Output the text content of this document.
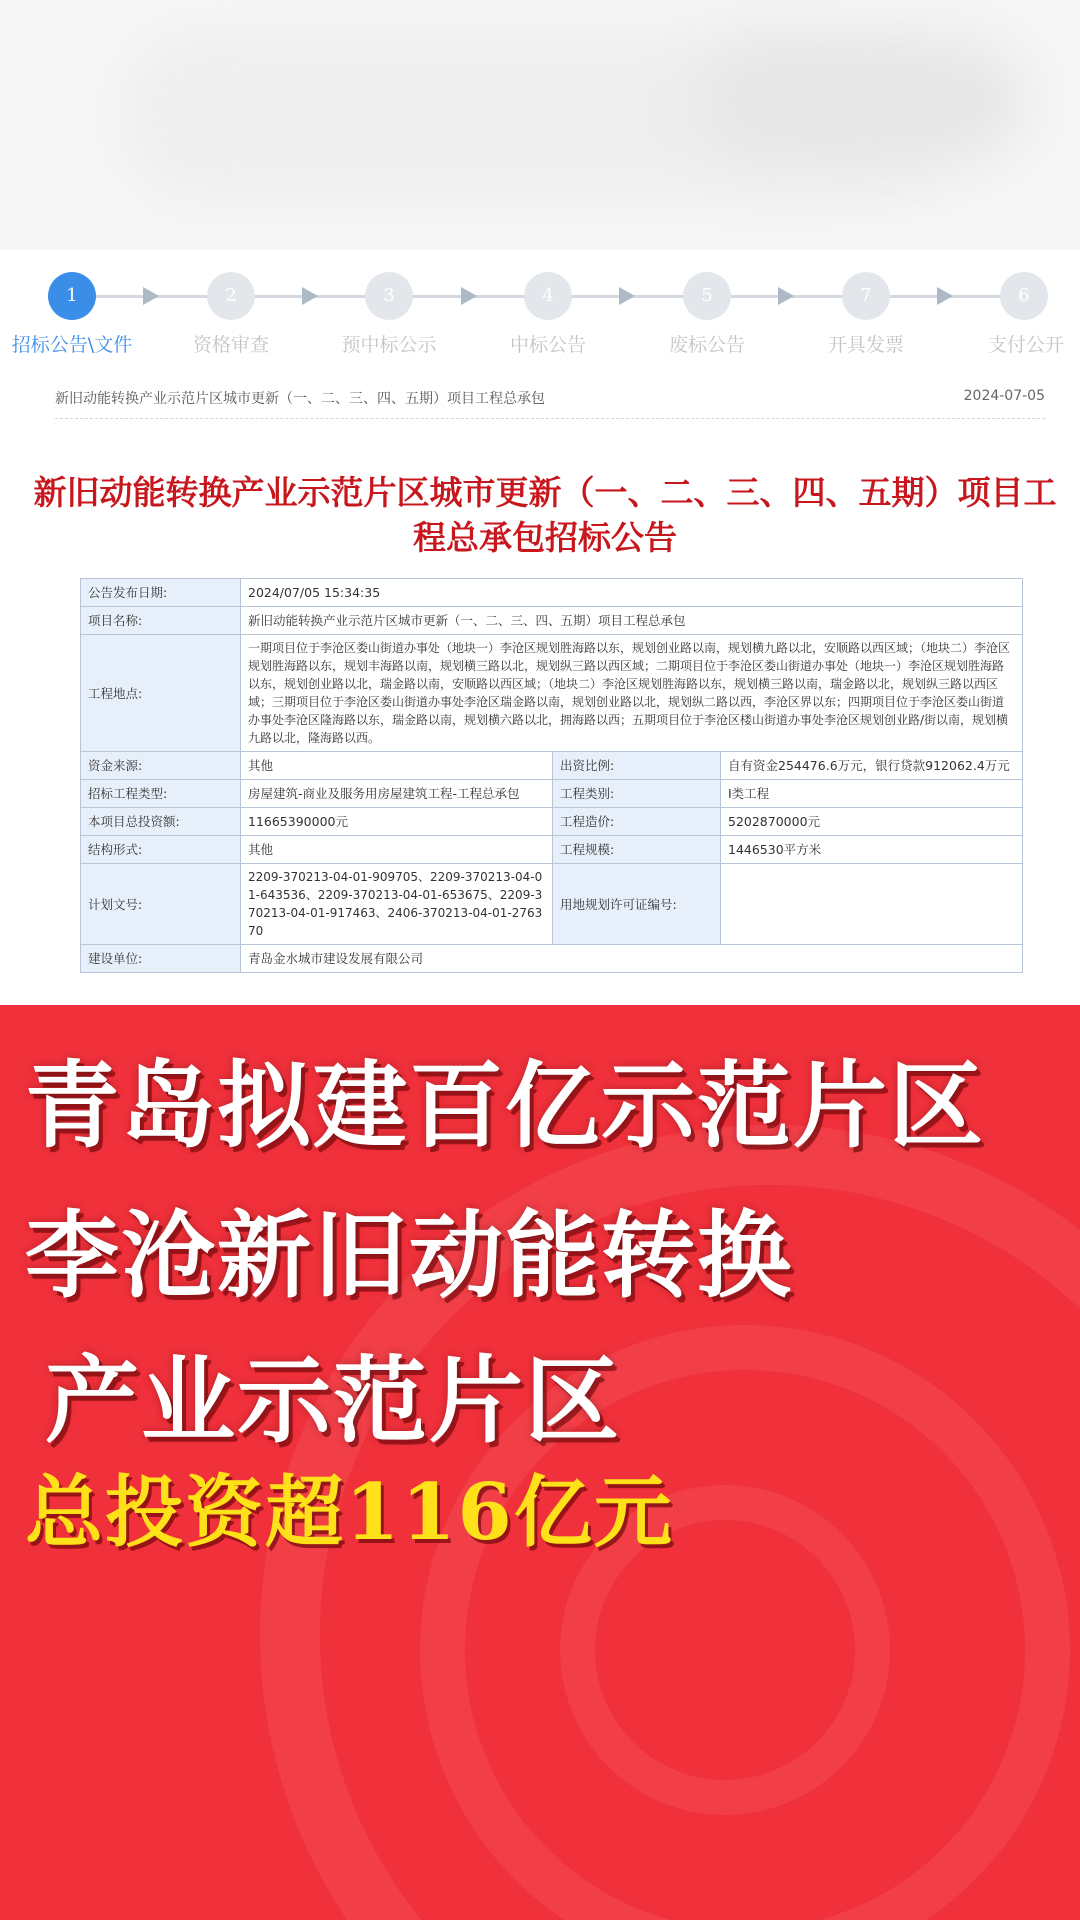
1	2	3	4	5	7	6
招标公告\文件	资格审查	预中标公示	中标公告	废标公告	开具发票	支付公开
新旧动能转换产业示范片区城市更新（一、二、三、四、五期）项目工程总承包	2024-07-05
新旧动能转换产业示范片区城市更新（一、二、三、四、五期）项目工程总承包招标公告
公告发布日期:	2024/07/05 15:34:35		
项目名称:	新旧动能转换产业示范片区城市更新（一、二、三、四、五期）项目工程总承包		
工程地点:	一期项目位于李沧区娄山街道办事处（地块一）李沧区规划胜海路以东，规划创业路以南，规划横九路以北，安顺路以西区域；（地块二）李沧区规划胜海路以东，规划丰海路以南，规划横三路以北，规划纵三路以西区域；二期项目位于李沧区娄山街道办事处（地块一）李沧区规划胜海路以东，规划创业路以北，瑞金路以南，安顺路以西区域；（地块二）李沧区规划胜海路以东，规划横三路以南，瑞金路以北，规划纵三路以西区域；三期项目位于李沧区娄山街道办事处李沧区瑞金路以南，规划创业路以北，规划纵二路以西，李沧区界以东；四期项目位于李沧区娄山街道办事处李沧区隆海路以东，瑞金路以南，规划横六路以北，拥海路以西；五期项目位于李沧区楼山街道办事处李沧区规划创业路/街以南，规划横九路以北，隆海路以西。		
资金来源:	其他	出资比例:	自有资金254476.6万元，银行贷款912062.4万元
招标工程类型:	房屋建筑-商业及服务用房屋建筑工程-工程总承包	工程类别:	Ⅰ类工程
本项目总投资额:	11665390000元	工程造价:	5202870000元
结构形式:	其他	工程规模:	1446530平方米
计划文号:	2209-370213-04-01-909705、2209-370213-04-01-643536、2209-370213-04-01-653675、2209-370213-04-01-917463、2406-370213-04-01-276370	用地规划许可证编号:	
建设单位:	青岛金水城市建设发展有限公司		
青岛拟建百亿示范片区
李沧新旧动能转换
产业示范片区
总投资超116亿元
